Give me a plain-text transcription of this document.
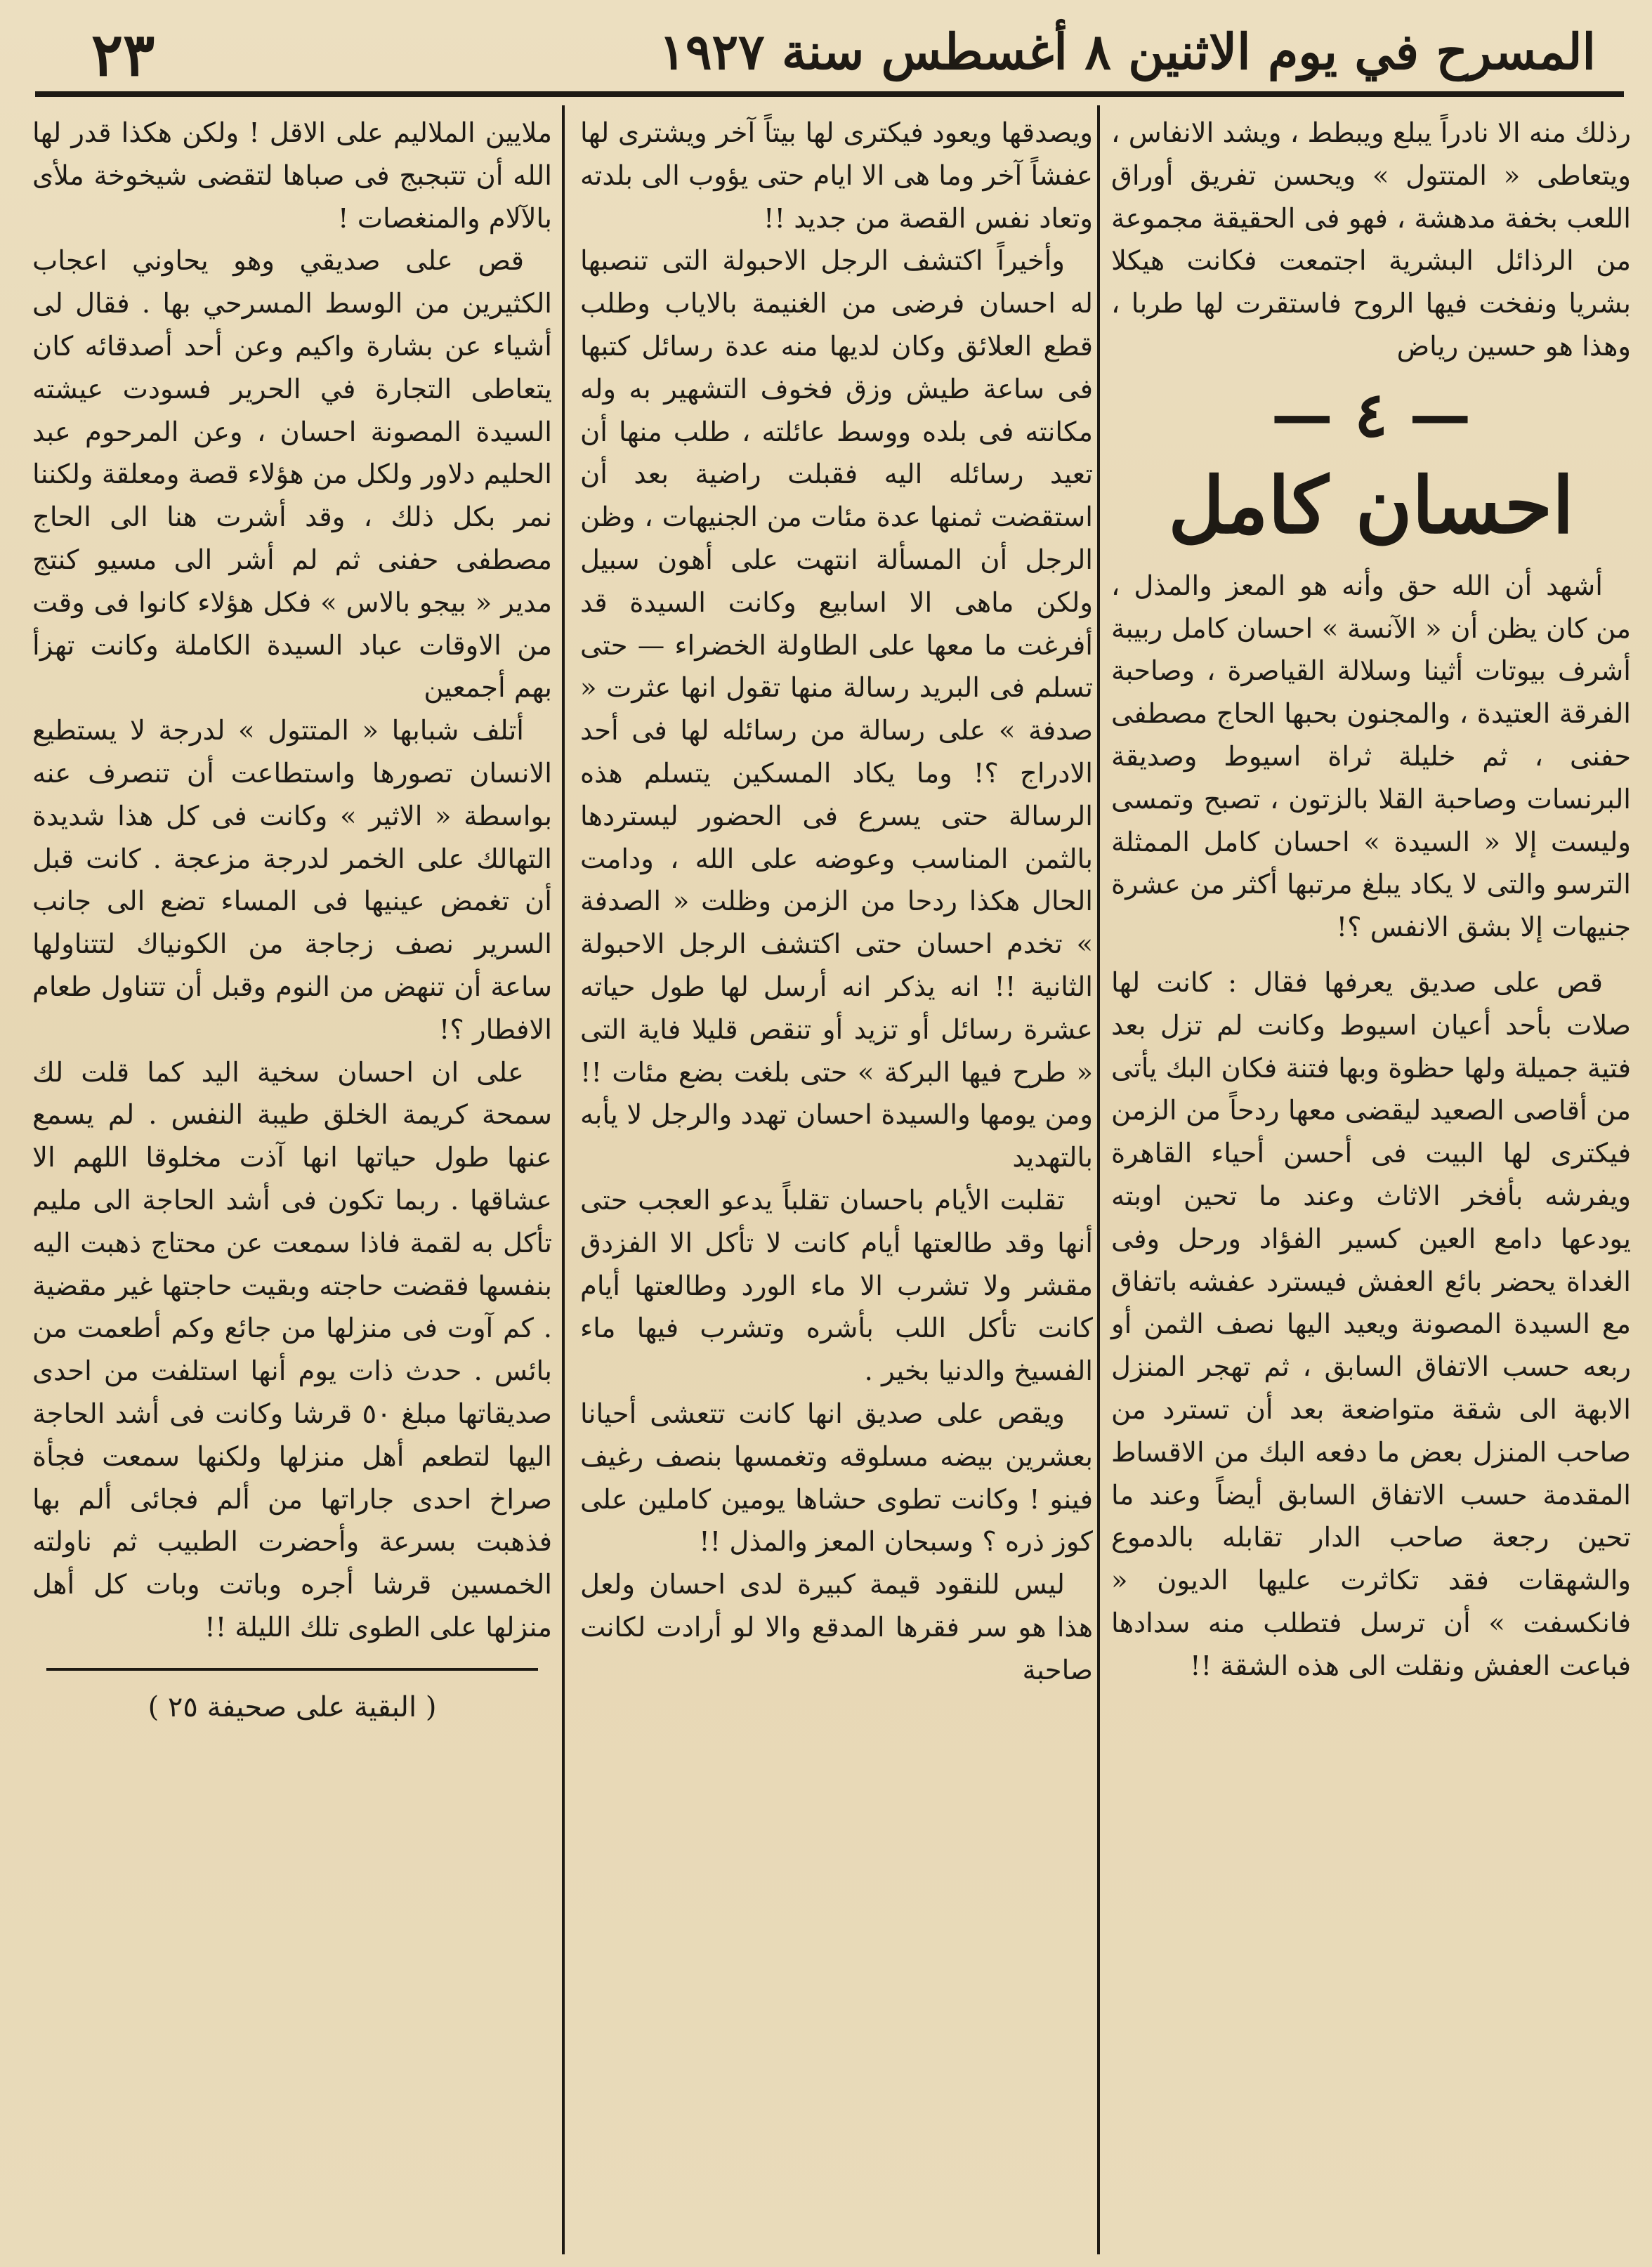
المسرح في يوم الاثنين ٨ أغسطس سنة ١٩٢٧
٢٣

رذلك منه الا نادراً يبلع ويبطط ، ويشد الانفاس ، ويتعاطى « المتتول » ويحسن تفريق أوراق اللعب بخفة مدهشة ، فهو فى الحقيقة مجموعة من الرذائل البشرية اجتمعت فكانت هيكلا بشريا ونفخت فيها الروح فاستقرت لها طربا ، وهذا هو حسين رياض

— ٤ —
احسان كامل

أشهد أن الله حق وأنه هو المعز والمذل ، من كان يظن أن « الآنسة » احسان كامل ربيبة أشرف بيوتات أثينا وسلالة القياصرة ، وصاحبة الفرقة العتيدة ، والمجنون بحبها الحاج مصطفى حفنى ، ثم خليلة ثراة اسيوط وصديقة البرنسات وصاحبة القلا بالزتون ، تصبح وتمسى وليست إلا « السيدة » احسان كامل الممثلة الترسو والتى لا يكاد يبلغ مرتبها أكثر من عشرة جنيهات إلا بشق الانفس ؟!

قص على صديق يعرفها فقال : كانت لها صلات بأحد أعيان اسيوط وكانت لم تزل بعد فتية جميلة ولها حظوة وبها فتنة فكان البك يأتى من أقاصى الصعيد ليقضى معها ردحاً من الزمن فيكترى لها البيت فى أحسن أحياء القاهرة ويفرشه بأفخر الاثاث وعند ما تحين اوبته يودعها دامع العين كسير الفؤاد ورحل وفى الغداة يحضر بائع العفش فيسترد عفشه باتفاق مع السيدة المصونة ويعيد اليها نصف الثمن أو ربعه حسب الاتفاق السابق ، ثم تهجر المنزل الابهة الى شقة متواضعة بعد أن تسترد من صاحب المنزل بعض ما دفعه البك من الاقساط المقدمة حسب الاتفاق السابق أيضاً وعند ما تحين رجعة صاحب الدار تقابله بالدموع والشهقات فقد تكاثرت عليها الديون « فانكسفت » أن ترسل فتطلب منه سدادها فباعت العفش ونقلت الى هذه الشقة !!

ويصدقها ويعود فيكترى لها بيتاً آخر ويشترى لها عفشاً آخر وما هى الا ايام حتى يؤوب الى بلدته وتعاد نفس القصة من جديد !!

وأخيراً اكتشف الرجل الاحبولة التى تنصبها له احسان فرضى من الغنيمة بالاياب وطلب قطع العلائق وكان لديها منه عدة رسائل كتبها فى ساعة طيش وزق فخوف التشهير به وله مكانته فى بلده ووسط عائلته ، طلب منها أن تعيد رسائله اليه فقبلت راضية بعد أن استقضت ثمنها عدة مئات من الجنيهات ، وظن الرجل أن المسألة انتهت على أهون سبيل ولكن ماهى الا اسابيع وكانت السيدة قد أفرغت ما معها على الطاولة الخضراء — حتى تسلم فى البريد رسالة منها تقول انها عثرت « صدفة » على رسالة من رسائله لها فى أحد الادراج ؟! وما يكاد المسكين يتسلم هذه الرسالة حتى يسرع فى الحضور ليستردها بالثمن المناسب وعوضه على الله ، ودامت الحال هكذا ردحا من الزمن وظلت « الصدفة » تخدم احسان حتى اكتشف الرجل الاحبولة الثانية !! انه يذكر انه أرسل لها طول حياته عشرة رسائل أو تزيد أو تنقص قليلا فاية التى « طرح فيها البركة » حتى بلغت بضع مئات !! ومن يومها والسيدة احسان تهدد والرجل لا يأبه بالتهديد

تقلبت الأيام باحسان تقلباً يدعو العجب حتى أنها وقد طالعتها أيام كانت لا تأكل الا الفزدق مقشر ولا تشرب الا ماء الورد وطالعتها أيام كانت تأكل اللب بأشره وتشرب فيها ماء الفسيخ والدنيا بخير .

ويقص على صديق انها كانت تتعشى أحيانا بعشرين بيضه مسلوقه وتغمسها بنصف رغيف فينو ! وكانت تطوى حشاها يومين كاملين على كوز ذره ؟ وسبحان المعز والمذل !!

ليس للنقود قيمة كبيرة لدى احسان ولعل هذا هو سر فقرها المدقع والا لو أرادت لكانت صاحبة

ملايين الملاليم على الاقل ! ولكن هكذا قدر لها الله أن تتبجبج فى صباها لتقضى شيخوخة ملأى بالآلام والمنغصات !

قص على صديقي وهو يحاوني اعجاب الكثيرين من الوسط المسرحي بها . فقال لى أشياء عن بشارة واكيم وعن أحد أصدقائه كان يتعاطى التجارة في الحرير فسودت عيشته السيدة المصونة احسان ، وعن المرحوم عبد الحليم دلاور ولكل من هؤلاء قصة ومعلقة ولكننا نمر بكل ذلك ، وقد أشرت هنا الى الحاج مصطفى حفنى ثم لم أشر الى مسيو كنتج مدير « بيجو بالاس » فكل هؤلاء كانوا فى وقت من الاوقات عباد السيدة الكاملة وكانت تهزأ بهم أجمعين

أتلف شبابها « المتتول » لدرجة لا يستطيع الانسان تصورها واستطاعت أن تنصرف عنه بواسطة « الاثير » وكانت فى كل هذا شديدة التهالك على الخمر لدرجة مزعجة . كانت قبل أن تغمض عينيها فى المساء تضع الى جانب السرير نصف زجاجة من الكونياك لتتناولها ساعة أن تنهض من النوم وقبل أن تتناول طعام الافطار ؟!

على ان احسان سخية اليد كما قلت لك سمحة كريمة الخلق طيبة النفس . لم يسمع عنها طول حياتها انها آذت مخلوقا اللهم الا عشاقها . ربما تكون فى أشد الحاجة الى مليم تأكل به لقمة فاذا سمعت عن محتاج ذهبت اليه بنفسها فقضت حاجته وبقيت حاجتها غير مقضية . كم آوت فى منزلها من جائع وكم أطعمت من بائس . حدث ذات يوم أنها استلفت من احدى صديقاتها مبلغ ٥٠ قرشا وكانت فى أشد الحاجة اليها لتطعم أهل منزلها ولكنها سمعت فجأة صراخ احدى جاراتها من ألم فجائى ألم بها فذهبت بسرعة وأحضرت الطبيب ثم ناولته الخمسين قرشا أجره وباتت وبات كل أهل منزلها على الطوى تلك الليلة !!

( البقية على صحيفة ٢٥ )
